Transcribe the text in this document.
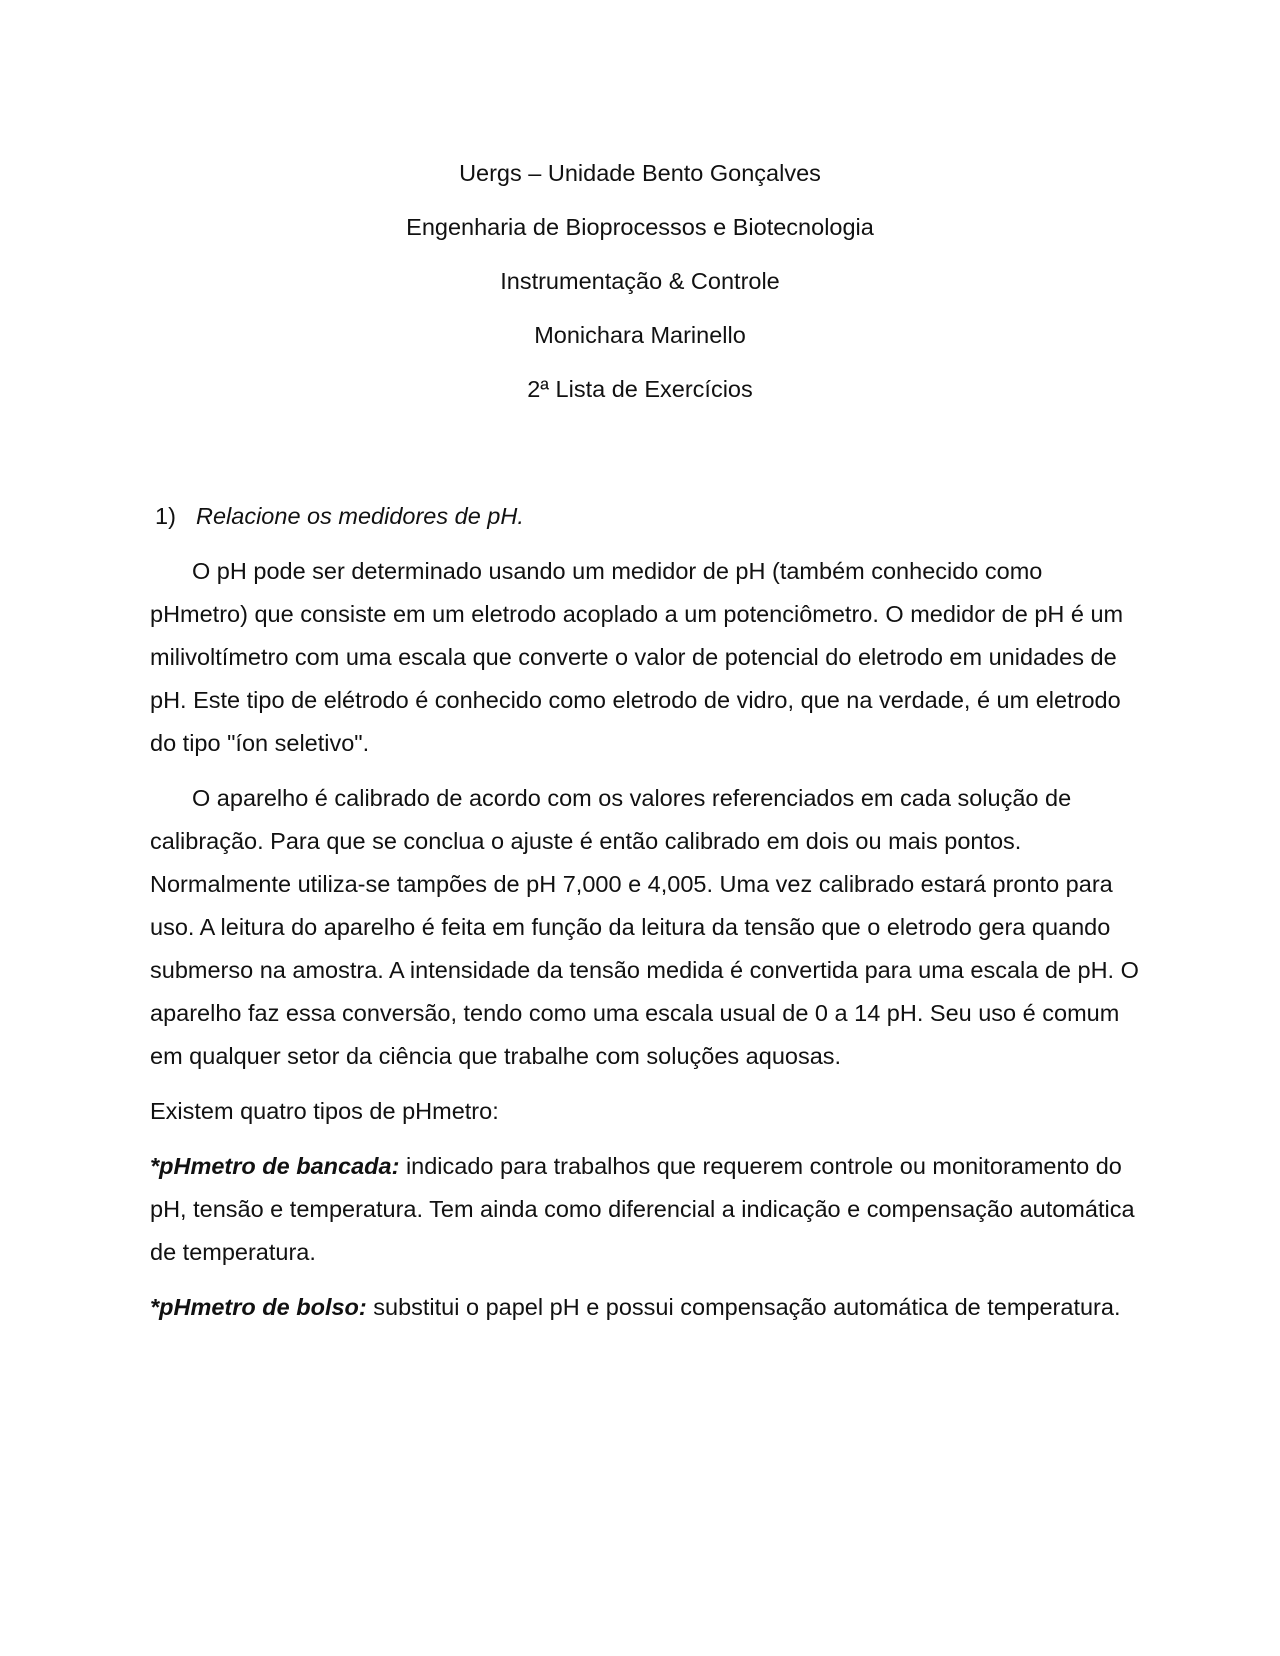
Uergs – Unidade Bento Gonçalves
Engenharia de Bioprocessos e Biotecnologia
Instrumentação & Controle
Monichara Marinello
2ª Lista de Exercícios
1) Relacione os medidores de pH.

O pH pode ser determinado usando um medidor de pH (também conhecido como pHmetro) que consiste em um eletrodo acoplado a um potenciômetro. O medidor de pH é um milivoltímetro com uma escala que converte o valor de potencial do eletrodo em unidades de pH. Este tipo de elétrodo é conhecido como eletrodo de vidro, que na verdade, é um eletrodo do tipo "íon seletivo".

O aparelho é calibrado de acordo com os valores referenciados em cada solução de calibração. Para que se conclua o ajuste é então calibrado em dois ou mais pontos. Normalmente utiliza-se tampões de pH 7,000 e 4,005. Uma vez calibrado estará pronto para uso. A leitura do aparelho é feita em função da leitura da tensão que o eletrodo gera quando submerso na amostra. A intensidade da tensão medida é convertida para uma escala de pH. O aparelho faz essa conversão, tendo como uma escala usual de 0 a 14 pH. Seu uso é comum em qualquer setor da ciência que trabalhe com soluções aquosas.

Existem quatro tipos de pHmetro:

*pHmetro de bancada: indicado para trabalhos que requerem controle ou monitoramento do pH, tensão e temperatura. Tem ainda como diferencial a indicação e compensação automática de temperatura.

*pHmetro de bolso: substitui o papel pH e possui compensação automática de temperatura.
